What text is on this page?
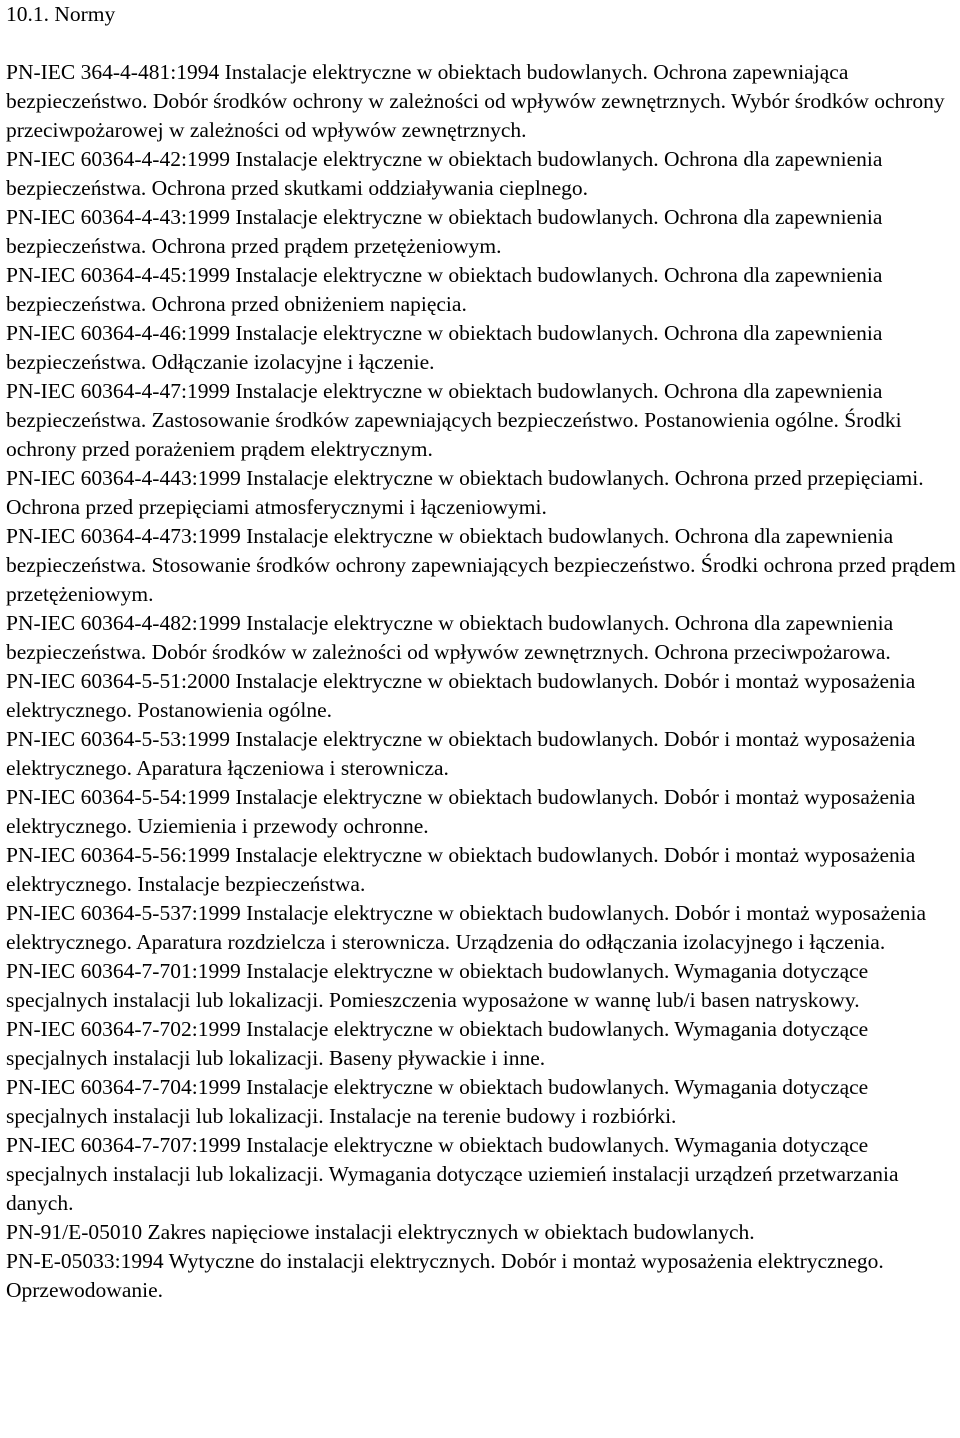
10.1. Normy
PN-IEC 364-4-481:1994 Instalacje elektryczne w obiektach budowlanych. Ochrona zapewniająca bezpieczeństwo. Dobór środków ochrony w zależności od wpływów zewnętrznych. Wybór środków ochrony przeciwpożarowej w zależności od wpływów zewnętrznych.
PN-IEC 60364-4-42:1999 Instalacje elektryczne w obiektach budowlanych. Ochrona dla zapewnienia bezpieczeństwa. Ochrona przed skutkami oddziaływania cieplnego.
PN-IEC 60364-4-43:1999 Instalacje elektryczne w obiektach budowlanych. Ochrona dla zapewnienia bezpieczeństwa. Ochrona przed prądem przetężeniowym.
PN-IEC 60364-4-45:1999 Instalacje elektryczne w obiektach budowlanych. Ochrona dla zapewnienia bezpieczeństwa. Ochrona przed obniżeniem napięcia.
PN-IEC 60364-4-46:1999 Instalacje elektryczne w obiektach budowlanych. Ochrona dla zapewnienia bezpieczeństwa. Odłączanie izolacyjne i łączenie.
PN-IEC 60364-4-47:1999 Instalacje elektryczne w obiektach budowlanych. Ochrona dla zapewnienia bezpieczeństwa. Zastosowanie środków zapewniających bezpieczeństwo. Postanowienia ogólne. Środki ochrony przed porażeniem prądem elektrycznym.
PN-IEC 60364-4-443:1999 Instalacje elektryczne w obiektach budowlanych. Ochrona przed przepięciami. Ochrona przed przepięciami atmosferycznymi i łączeniowymi.
PN-IEC 60364-4-473:1999 Instalacje elektryczne w obiektach budowlanych. Ochrona dla zapewnienia bezpieczeństwa. Stosowanie środków ochrony zapewniających bezpieczeństwo. Środki ochrona przed prądem przetężeniowym.
PN-IEC 60364-4-482:1999 Instalacje elektryczne w obiektach budowlanych. Ochrona dla zapewnienia bezpieczeństwa. Dobór środków w zależności od wpływów zewnętrznych. Ochrona przeciwpożarowa.
PN-IEC 60364-5-51:2000 Instalacje elektryczne w obiektach budowlanych. Dobór i montaż wyposażenia elektrycznego. Postanowienia ogólne.
PN-IEC 60364-5-53:1999 Instalacje elektryczne w obiektach budowlanych. Dobór i montaż wyposażenia elektrycznego. Aparatura łączeniowa i sterownicza.
PN-IEC 60364-5-54:1999 Instalacje elektryczne w obiektach budowlanych. Dobór i montaż wyposażenia elektrycznego. Uziemienia i przewody ochronne.
PN-IEC 60364-5-56:1999 Instalacje elektryczne w obiektach budowlanych. Dobór i montaż wyposażenia elektrycznego. Instalacje bezpieczeństwa.
PN-IEC 60364-5-537:1999 Instalacje elektryczne w obiektach budowlanych. Dobór i montaż wyposażenia elektrycznego. Aparatura rozdzielcza i sterownicza. Urządzenia do odłączania izolacyjnego i łączenia.
PN-IEC 60364-7-701:1999 Instalacje elektryczne w obiektach budowlanych. Wymagania dotyczące specjalnych instalacji lub lokalizacji. Pomieszczenia wyposażone w wannę lub/i basen natryskowy.
PN-IEC 60364-7-702:1999 Instalacje elektryczne w obiektach budowlanych. Wymagania dotyczące specjalnych instalacji lub lokalizacji. Baseny pływackie i inne.
PN-IEC 60364-7-704:1999 Instalacje elektryczne w obiektach budowlanych. Wymagania dotyczące specjalnych instalacji lub lokalizacji. Instalacje na terenie budowy i rozbiórki.
PN-IEC 60364-7-707:1999 Instalacje elektryczne w obiektach budowlanych. Wymagania dotyczące specjalnych instalacji lub lokalizacji. Wymagania dotyczące uziemień instalacji urządzeń przetwarzania danych.
PN-91/E-05010 Zakres napięciowe instalacji elektrycznych w obiektach budowlanych.
PN-E-05033:1994 Wytyczne do instalacji elektrycznych. Dobór i montaż wyposażenia elektrycznego. Oprzewodowanie.
